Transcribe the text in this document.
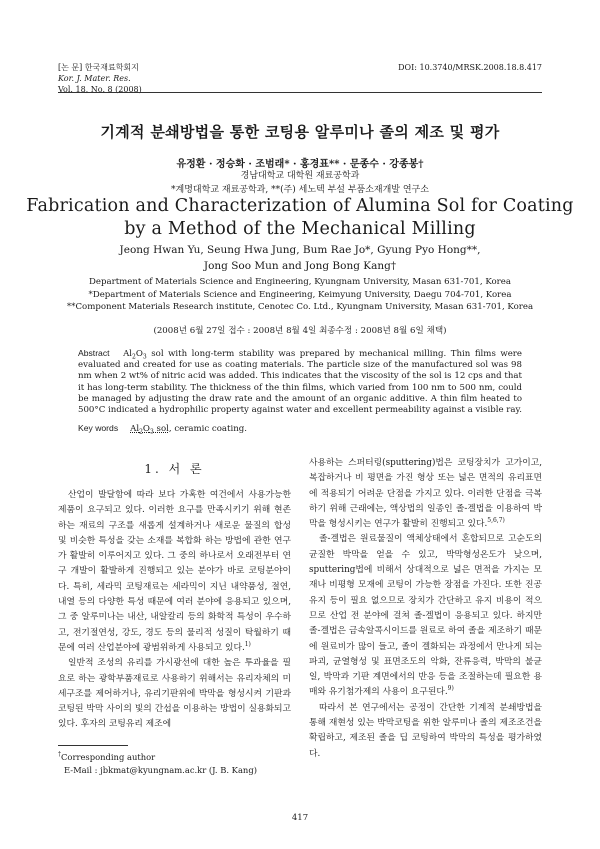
[논 문] 한국재료학회지
Kor. J. Mater. Res.
Vol. 18, No. 8 (2008)
DOI: 10.3740/MRSK.2008.18.8.417
기계적 분쇄방법을 통한 코팅용 알루미나 졸의 제조 및 평가
유정환 · 정승화 · 조범래* · 홍경표** · 문종수 · 강종봉†
경남대학교 대학원 재료공학과
*계명대학교 재료공학과, **(주) 세노텍 부설 부품소재개발 연구소
Fabrication and Characterization of Alumina Sol for Coating
by a Method of the Mechanical Milling
Jeong Hwan Yu, Seung Hwa Jung, Bum Rae Jo*, Gyung Pyo Hong**,
Jong Soo Mun and Jong Bong Kang†
Department of Materials Science and Engineering, Kyungnam University, Masan 631-701, Korea
*Department of Materials Science and Engineering, Keimyung University, Daegu 704-701, Korea
**Component Materials Research institute, Cenotec Co. Ltd., Kyungnam University, Masan 631-701, Korea
(2008년 6월 27일 접수 : 2008년 8월 4일 최종수정 : 2008년 8월 6일 채택)
Abstract $Al_2O_3$ sol with long-term stability was prepared by mechanical milling. Thin films were evaluated and created for use as coating materials. The particle size of the manufactured sol was 98 nm when 2 wt% of nitric acid was added. This indicates that the viscosity of the sol is 12 cps and that it has long-term stability. The thickness of the thin films, which varied from 100 nm to 500 nm, could be managed by adjusting the draw rate and the amount of an organic additive. A thin film heated to 500°C indicated a hydrophilic property against water and excellent permeability against a visible ray.
Key words $Al_2O_3$ sol, ceramic coating.
1. 서 론

산업이 발달함에 따라 보다 가혹한 여건에서 사용가능한 제품이 요구되고 있다. 이러한 요구를 만족시키기 위해 현존하는 재료의 구조를 새롭게 설계하거나 새로운 물질의 합성 및 비슷한 특성을 갖는 소재를 복합화 하는 방법에 관한 연구가 활발히 이루어지고 있다. 그 중의 하나로서 오래전부터 연구 개발이 활발하게 진행되고 있는 분야가 바로 코팅분야이다. 특히, 세라믹 코팅재료는 세라믹이 지닌 내약품성, 절연, 내열 등의 다양한 특성 때문에 여러 분야에 응용되고 있으며, 그 중 알루미나는 내산, 내알칼리 등의 화학적 특성이 우수하고, 전기절연성, 강도, 경도 등의 물리적 성질이 탁월하기 때문에 여러 산업분야에 광범위하게 사용되고 있다.$^{1)}$

일반적 조성의 유리를 가시광선에 대한 높은 투과율을 필요로 하는 광학부품재료로 사용하기 위해서는 유리자체의 미세구조를 제어하거나, 유리기판위에 박막을 형성시켜 기판과 코팅된 박막 사이의 빛의 간섭을 이용하는 방법이 실용화되고 있다. 후자의 코팅유리 제조에

사용하는 스퍼터링(sputtering)법은 코팅장치가 고가이고, 복잡하거나 비 평면을 가진 형상 또는 넓은 면적의 유리표면에 적용되기 어려운 단점을 가지고 있다. 이러한 단점을 극복하기 위해 근래에는, 액상법의 일종인 졸-겔법을 이용하여 박막을 형성시키는 연구가 활발히 진행되고 있다.$^{5,6,7)}$

졸-겔법은 원료물질이 액체상태에서 혼합되므로 고순도의 균질한 박막을 얻을 수 있고, 박막형성온도가 낮으며, sputtering법에 비해서 상대적으로 넓은 면적을 가지는 모재나 비평형 모재에 코팅이 가능한 장점을 가진다. 또한 진공유지 등이 필요 없으므로 장치가 간단하고 유지 비용이 적으므로 산업 전 분야에 걸쳐 졸-겔법이 응용되고 있다. 하지만 졸-겔법은 금속알콕시이드를 원료로 하여 졸을 제조하기 때문에 원료비가 많이 들고, 졸이 겔화되는 과정에서 만나게 되는 파괴, 균열형성 및 표면조도의 악화, 잔류응력, 박막의 불균일, 박막과 기판 계면에서의 반응 등을 조절하는데 필요한 용매와 유기첨가제의 사용이 요구된다.$^{9)}$

따라서 본 연구에서는 공정이 간단한 기계적 분쇄방법을 통해 재현성 있는 박막코팅을 위한 알루미나 졸의 제조조건을 확립하고, 제조된 졸을 딥 코팅하여 박막의 특성을 평가하였다.

†Corresponding author
E-Mail : jbkmat@kyungnam.ac.kr (J. B. Kang)
417
